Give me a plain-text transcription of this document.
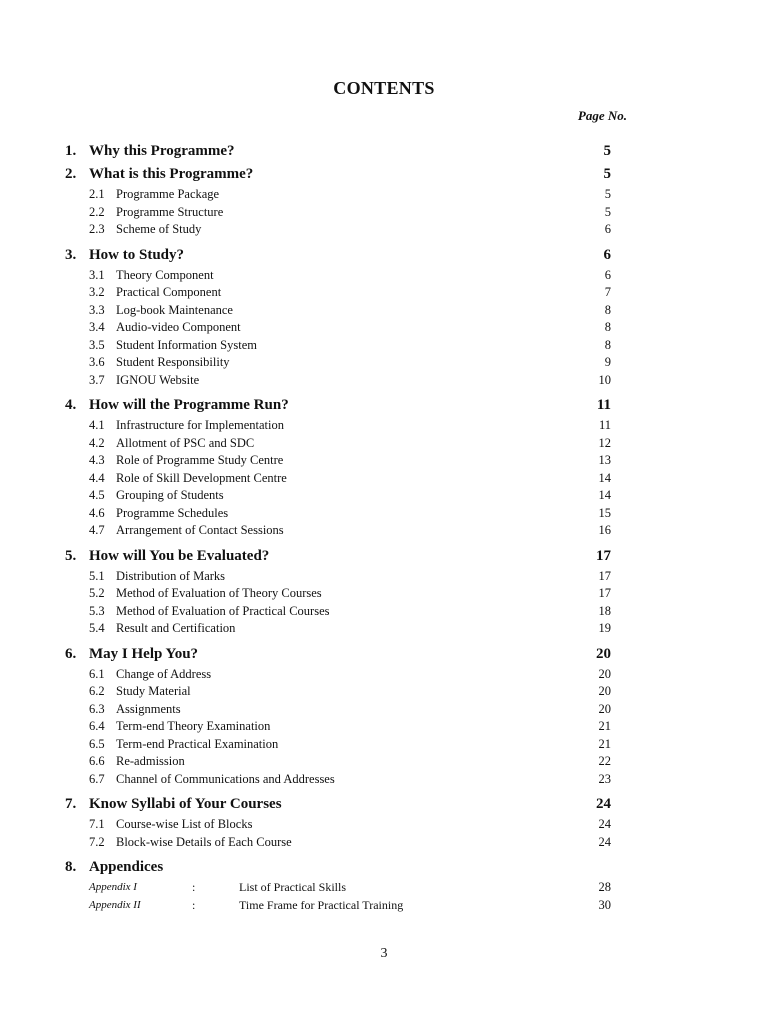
CONTENTS
Page No.
1. Why this Programme?	5
2. What is this Programme?	5
2.1 Programme Package	5
2.2 Programme Structure	5
2.3 Scheme of Study	6
3. How to Study?	6
3.1 Theory Component	6
3.2 Practical Component	7
3.3 Log-book Maintenance	8
3.4 Audio-video Component	8
3.5 Student Information System	8
3.6 Student Responsibility	9
3.7 IGNOU Website	10
4. How will the Programme Run?	11
4.1 Infrastructure for Implementation	11
4.2 Allotment of PSC and SDC	12
4.3 Role of Programme Study Centre	13
4.4 Role of Skill Development Centre	14
4.5 Grouping of Students	14
4.6 Programme Schedules	15
4.7 Arrangement of Contact Sessions	16
5. How will You be Evaluated?	17
5.1 Distribution of Marks	17
5.2 Method of Evaluation of Theory Courses	17
5.3 Method of Evaluation of Practical Courses	18
5.4 Result and Certification	19
6. May I Help You?	20
6.1 Change of Address	20
6.2 Study Material	20
6.3 Assignments	20
6.4 Term-end Theory Examination	21
6.5 Term-end Practical Examination	21
6.6 Re-admission	22
6.7 Channel of Communications and Addresses	23
7. Know Syllabi of Your Courses	24
7.1 Course-wise List of Blocks	24
7.2 Block-wise Details of Each Course	24
8. Appendices
Appendix I	:	List of Practical Skills	28
Appendix II	:	Time Frame for Practical Training	30
3
